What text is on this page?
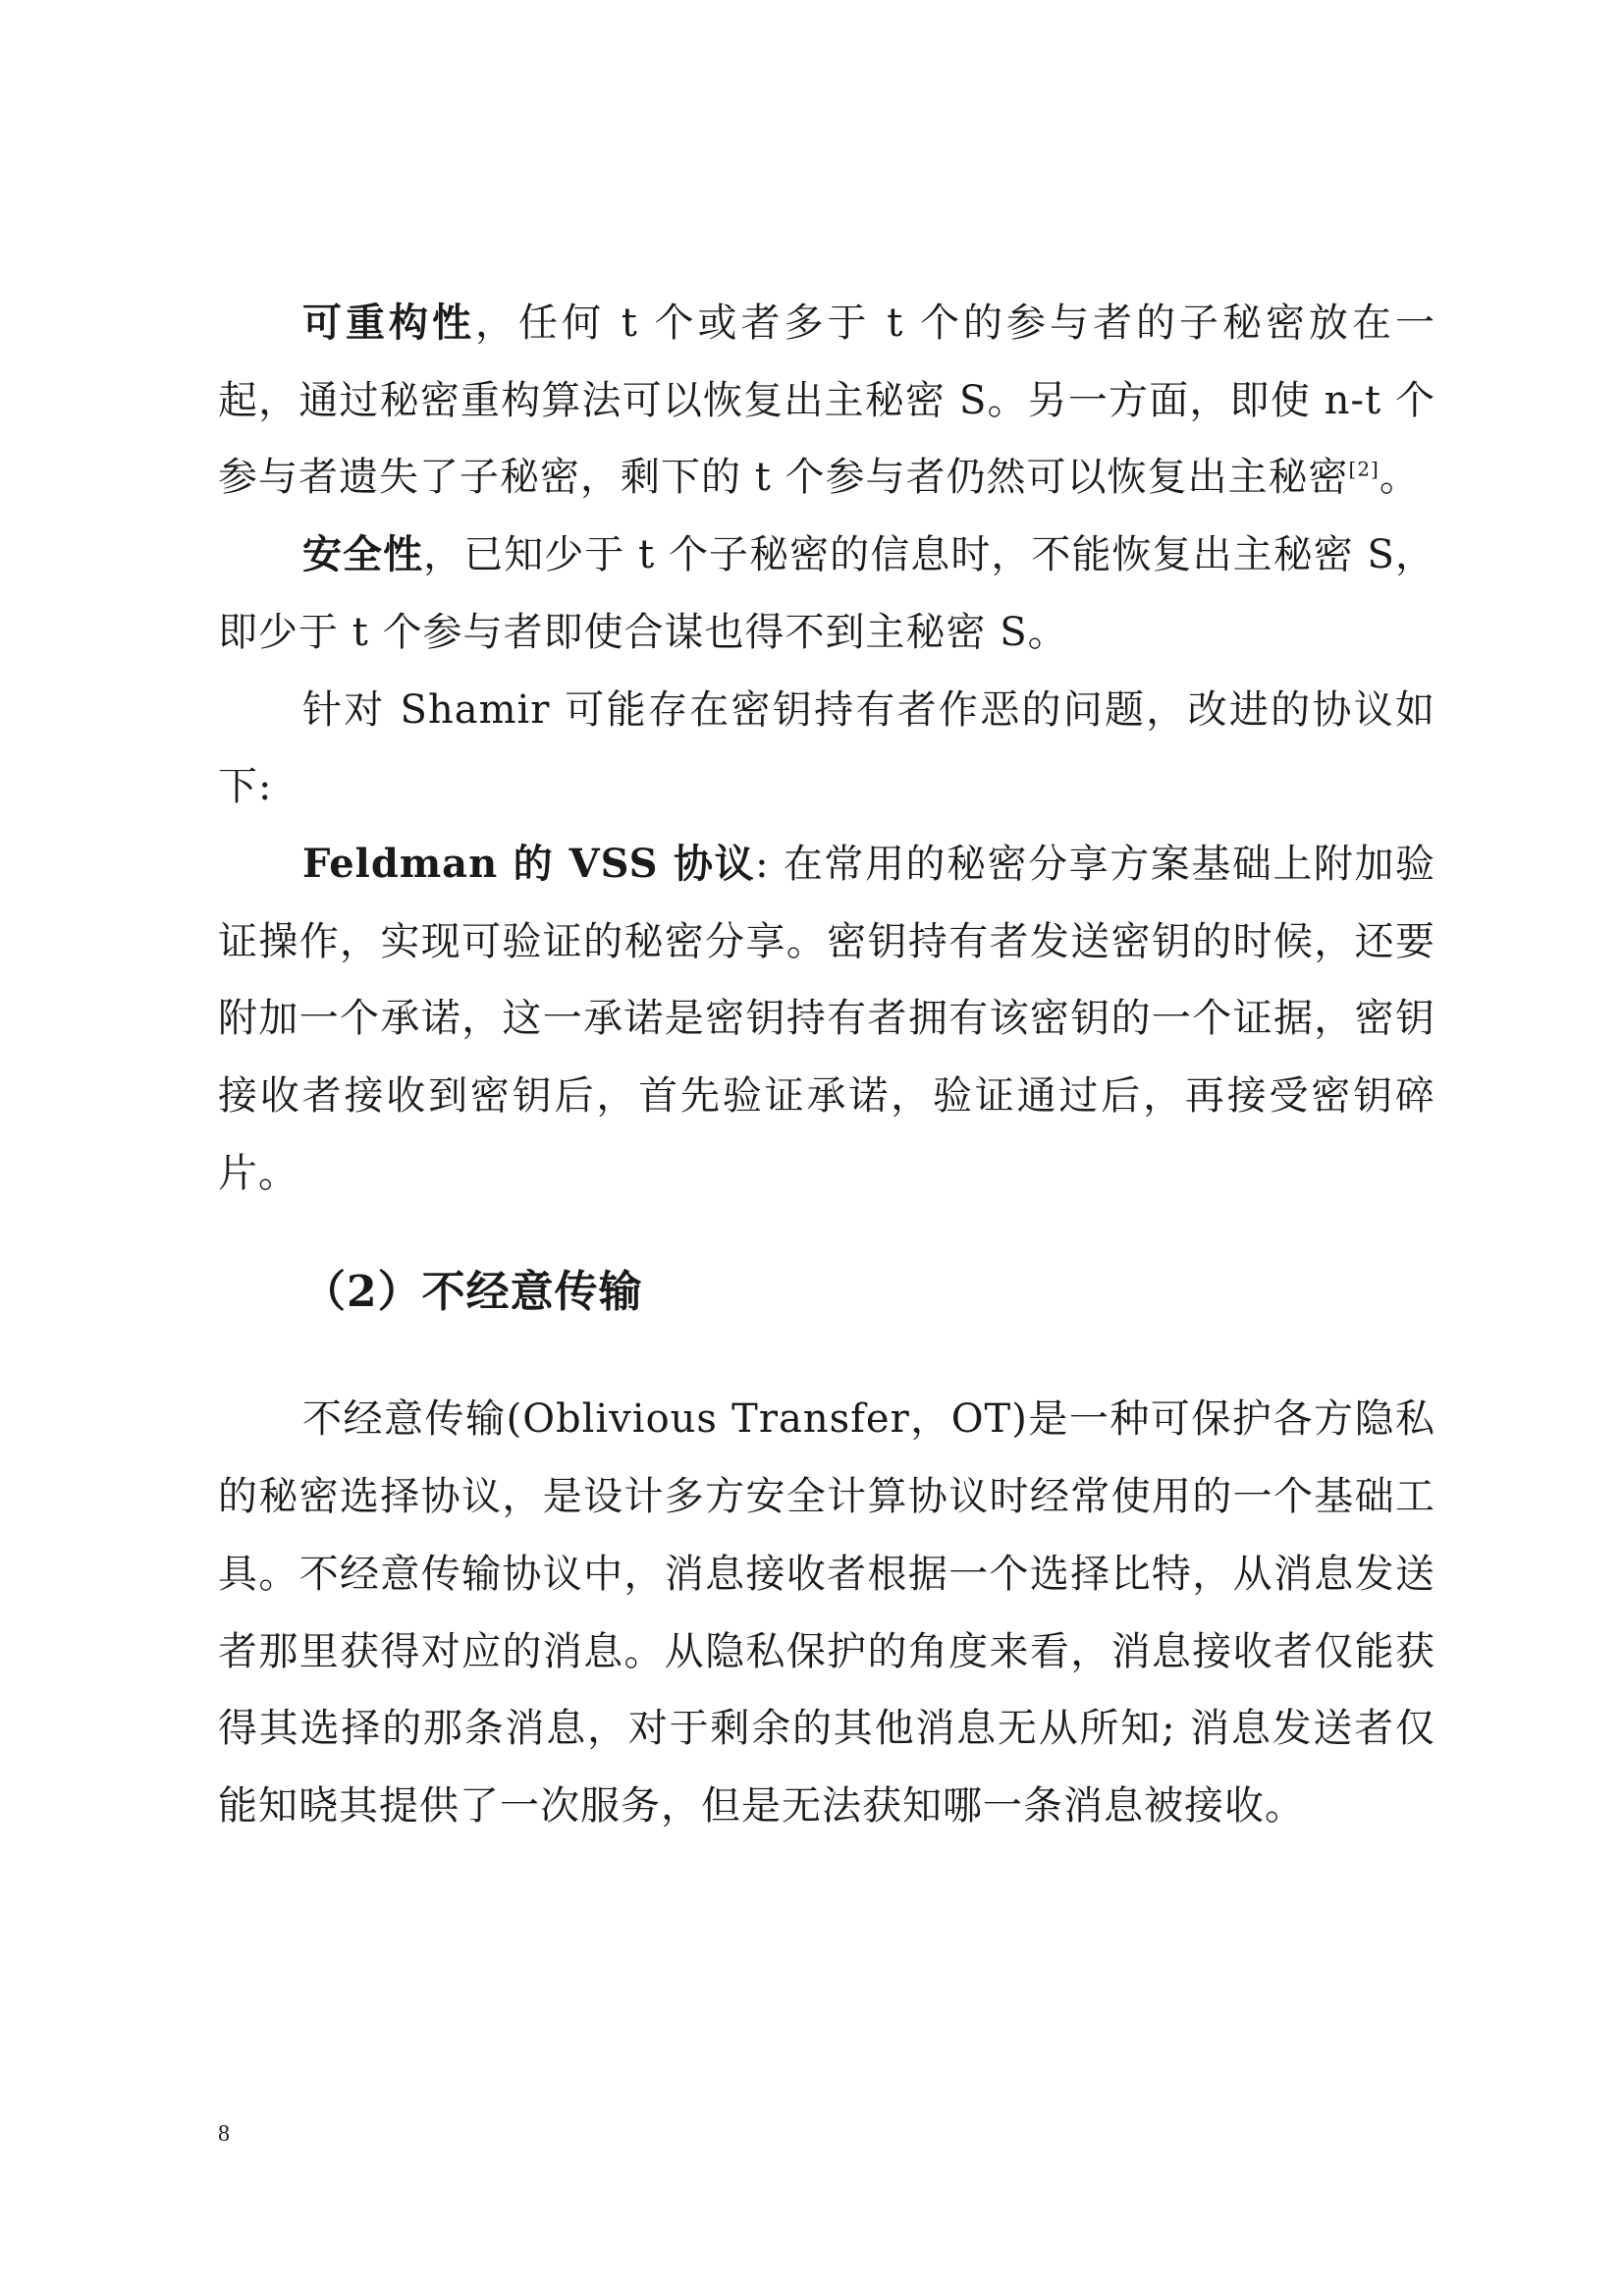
可重构性，任何 t 个或者多于 t 个的参与者的子秘密放在一起，通过秘密重构算法可以恢复出主秘密 S。另一方面，即使 n-t 个参与者遗失了子秘密，剩下的 t 个参与者仍然可以恢复出主秘密[2]。

安全性，已知少于 t 个子秘密的信息时，不能恢复出主秘密 S，即少于 t 个参与者即使合谋也得不到主秘密 S。

针对 Shamir 可能存在密钥持有者作恶的问题，改进的协议如下:

Feldman 的 VSS 协议: 在常用的秘密分享方案基础上附加验证操作，实现可验证的秘密分享。密钥持有者发送密钥的时候，还要附加一个承诺，这一承诺是密钥持有者拥有该密钥的一个证据，密钥接收者接收到密钥后，首先验证承诺，验证通过后，再接受密钥碎片。

（2）不经意传输

不经意传输(Oblivious Transfer，OT)是一种可保护各方隐私的秘密选择协议，是设计多方安全计算协议时经常使用的一个基础工具。不经意传输协议中，消息接收者根据一个选择比特，从消息发送者那里获得对应的消息。从隐私保护的角度来看，消息接收者仅能获得其选择的那条消息，对于剩余的其他消息无从所知; 消息发送者仅能知晓其提供了一次服务，但是无法获知哪一条消息被接收。

8
